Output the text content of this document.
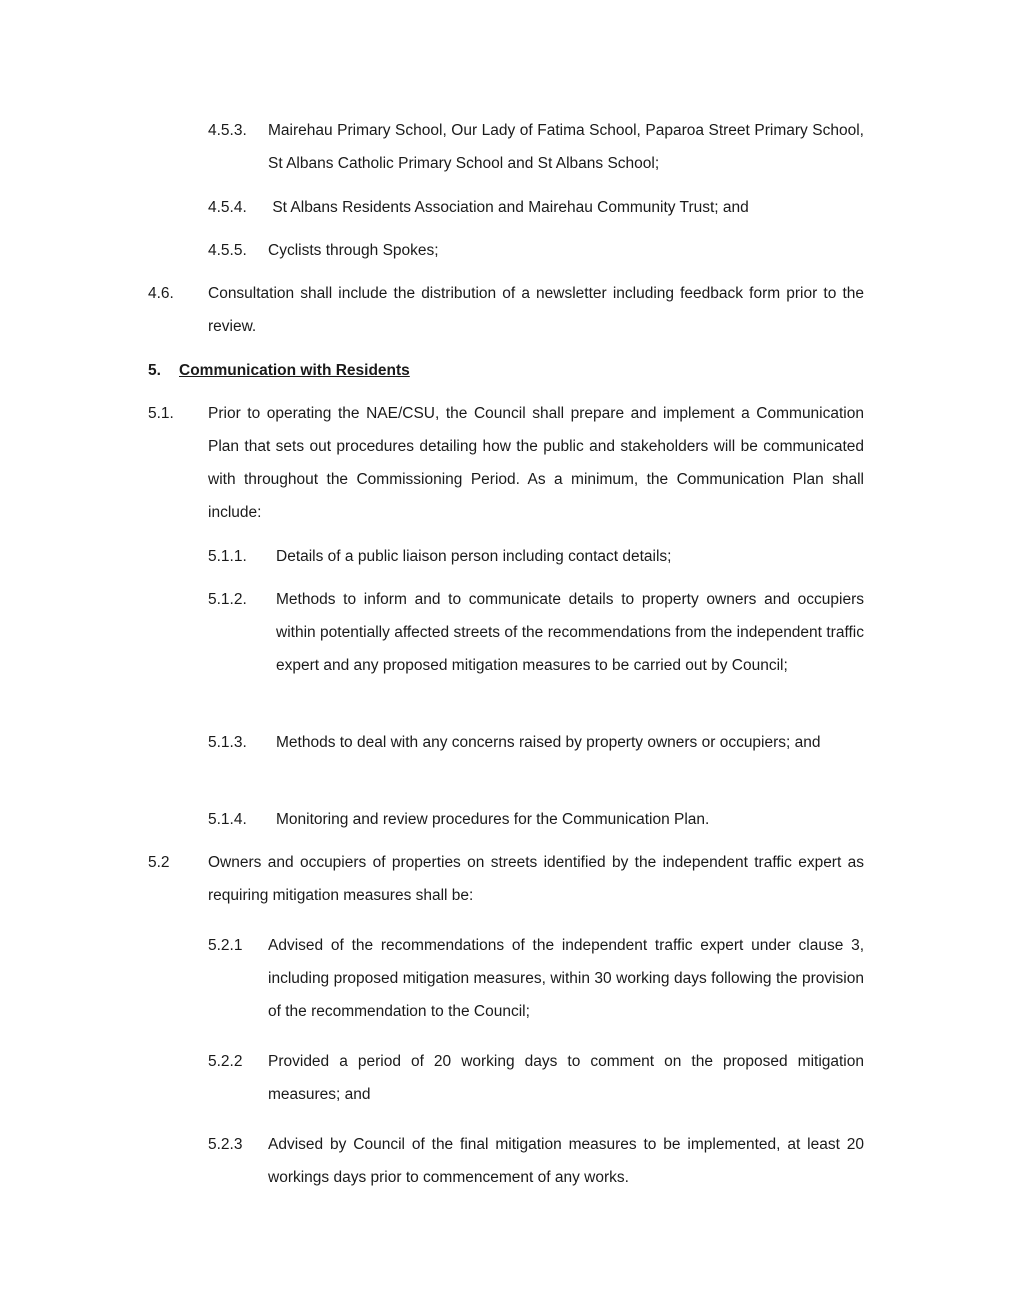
4.5.3.	Mairehau Primary School, Our Lady of Fatima School, Paparoa Street Primary School, St Albans Catholic Primary School and St Albans School;
4.5.4.	St Albans Residents Association and Mairehau Community Trust; and
4.5.5.	Cyclists through Spokes;
4.6.	Consultation shall include the distribution of a newsletter including feedback form prior to the review.
5. Communication with Residents
5.1.	Prior to operating the NAE/CSU, the Council shall prepare and implement a Communication Plan that sets out procedures detailing how the public and stakeholders will be communicated with throughout the Commissioning Period. As a minimum, the Communication Plan shall include:
5.1.1.	Details of a public liaison person including contact details;
5.1.2.	Methods to inform and to communicate details to property owners and occupiers within potentially affected streets of the recommendations from the independent traffic expert and any proposed mitigation measures to be carried out by Council;
5.1.3.	Methods to deal with any concerns raised by property owners or occupiers; and
5.1.4.	Monitoring and review procedures for the Communication Plan.
5.2	Owners and occupiers of properties on streets identified by the independent traffic expert as requiring mitigation measures shall be:
5.2.1	Advised of the recommendations of the independent traffic expert under clause 3, including proposed mitigation measures, within 30 working days following the provision of the recommendation to the Council;
5.2.2	Provided a period of 20 working days to comment on the proposed mitigation measures; and
5.2.3	Advised by Council of the final mitigation measures to be implemented, at least 20 workings days prior to commencement of any works.
